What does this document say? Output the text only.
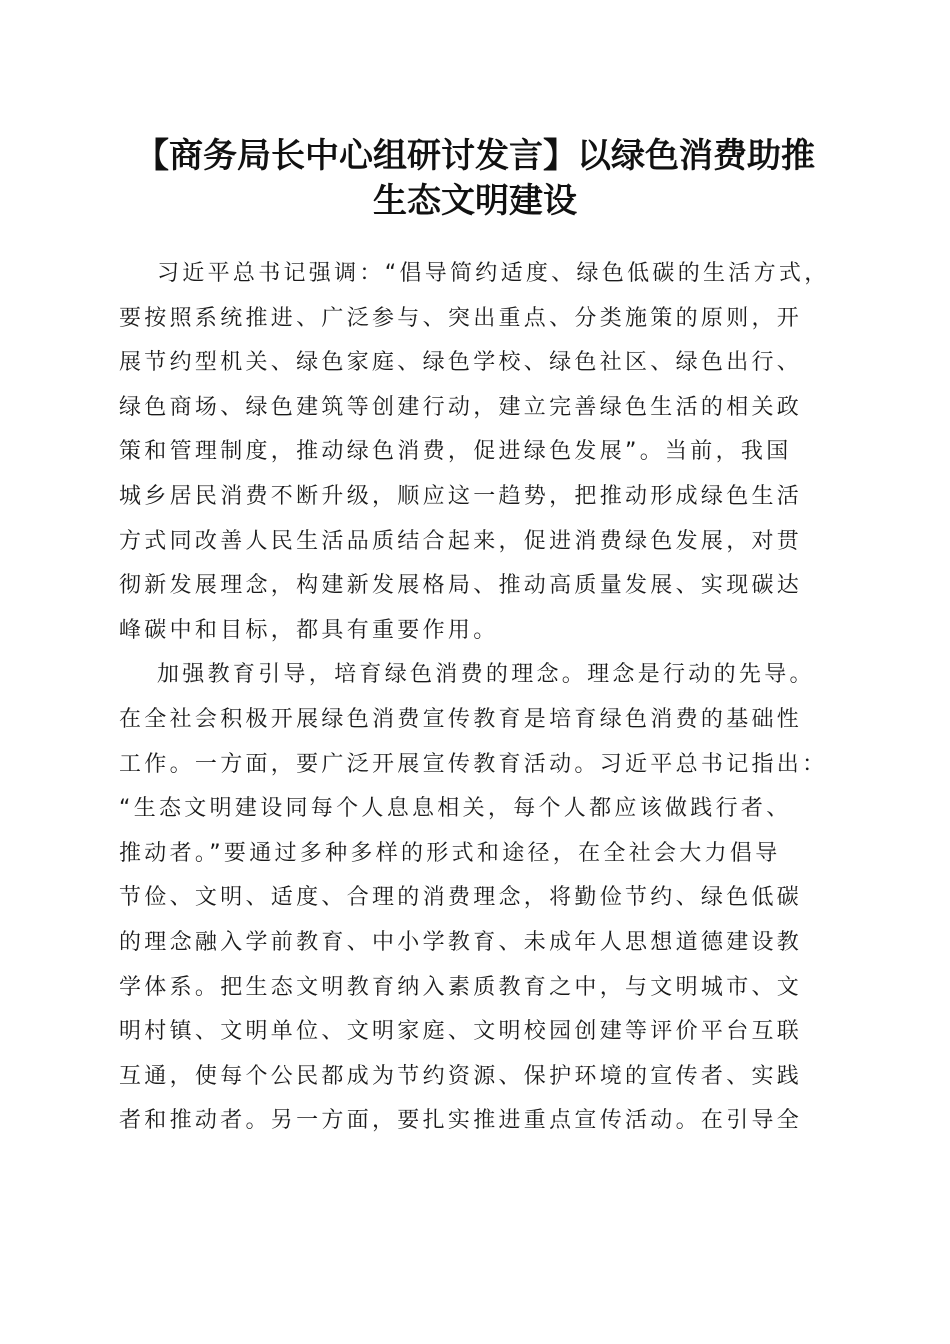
【商务局长中心组研讨发言】以绿色消费助推
生态文明建设

习近平总书记强调：“倡导简约适度、绿色低碳的生活方式，
要按照系统推进、广泛参与、突出重点、分类施策的原则，开
展节约型机关、绿色家庭、绿色学校、绿色社区、绿色出行、
绿色商场、绿色建筑等创建行动，建立完善绿色生活的相关政
策和管理制度，推动绿色消费，促进绿色发展”。当前，我国
城乡居民消费不断升级，顺应这一趋势，把推动形成绿色生活
方式同改善人民生活品质结合起来，促进消费绿色发展，对贯
彻新发展理念，构建新发展格局、推动高质量发展、实现碳达
峰碳中和目标，都具有重要作用。

加强教育引导，培育绿色消费的理念。理念是行动的先导。
在全社会积极开展绿色消费宣传教育是培育绿色消费的基础性
工作。一方面，要广泛开展宣传教育活动。习近平总书记指出：
“生态文明建设同每个人息息相关，每个人都应该做践行者、
推动者。”要通过多种多样的形式和途径，在全社会大力倡导
节俭、文明、适度、合理的消费理念，将勤俭节约、绿色低碳
的理念融入学前教育、中小学教育、未成年人思想道德建设教
学体系。把生态文明教育纳入素质教育之中，与文明城市、文
明村镇、文明单位、文明家庭、文明校园创建等评价平台互联
互通，使每个公民都成为节约资源、保护环境的宣传者、实践
者和推动者。另一方面，要扎实推进重点宣传活动。在引导全
